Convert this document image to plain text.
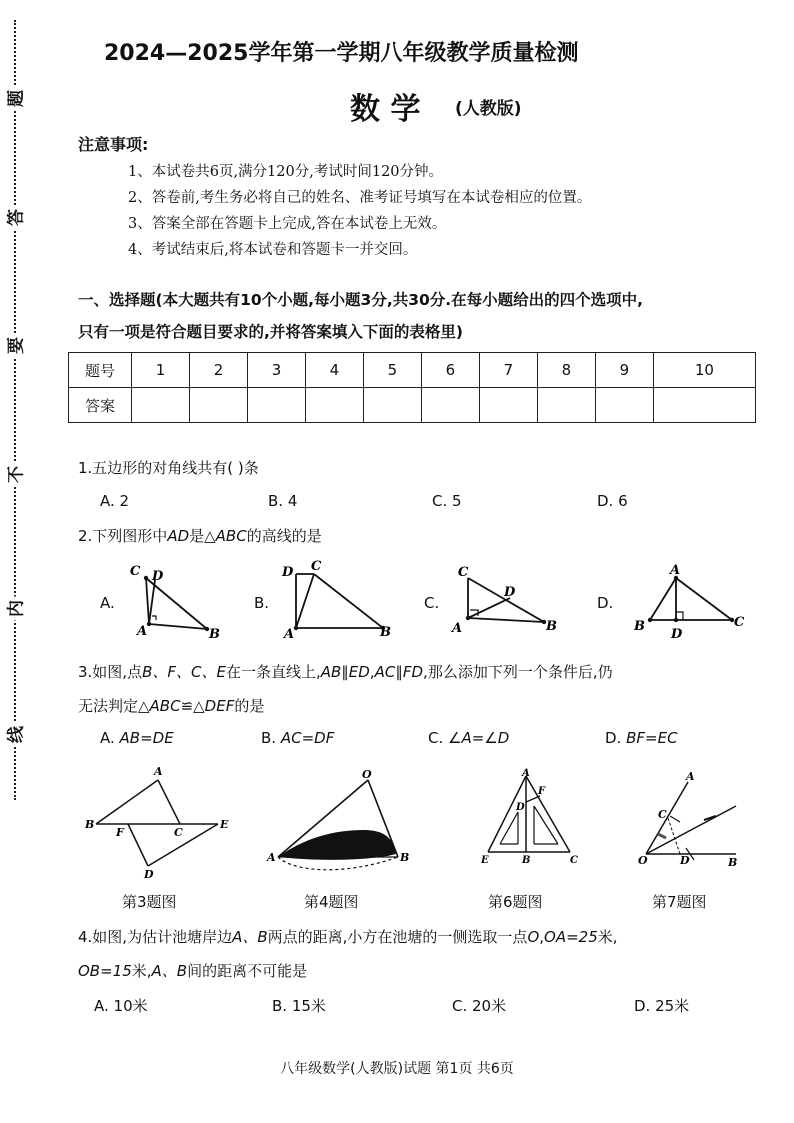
题
答
要
不
内
线
2024—2025学年第一学期八年级教学质量检测
数 学 (人教版)
注意事项:
1、本试卷共6页,满分120分,考试时间120分钟。
2、答卷前,考生务必将自己的姓名、准考证号填写在本试卷相应的位置。
3、答案全部在答题卡上完成,答在本试卷上无效。
4、考试结束后,将本试卷和答题卡一并交回。
一、选择题(本大题共有10个小题,每小题3分,共30分.在每小题给出的四个选项中,
只有一项是符合题目要求的,并将答案填入下面的表格里)
题号	1	2	3	4	5	6	7	8	9	10
答案										
1.五边形的对角线共有( )条
A. 2	B. 4	C. 5	D. 6
2.下列图形中AD是△ABC的高线的是
A.
C D
A	B
B.
D C
A	B
C.
C
D
A	B
D.
A
B
D
C
3.如图,点B、F、C、E在一条直线上,AB∥ED,AC∥FD,那么添加下列一个条件后,仍
无法判定△ABC≌△DEF的是
A. AB=DE	B. AC=DF	C. ∠A=∠D	D. BF=EC
A
B
F	C
E
D
第3题图
O
A	B
第4题图
A
F
D
E	B	C
第6题图
A
C
O	D	B
第7题图
4.如图,为估计池塘岸边A、B两点的距离,小方在池塘的一侧选取一点O,OA=25米,
OB=15米,A、B间的距离不可能是
A. 10米	B. 15米	C. 20米	D. 25米
八年级数学(人教版)试题 第1页 共6页
